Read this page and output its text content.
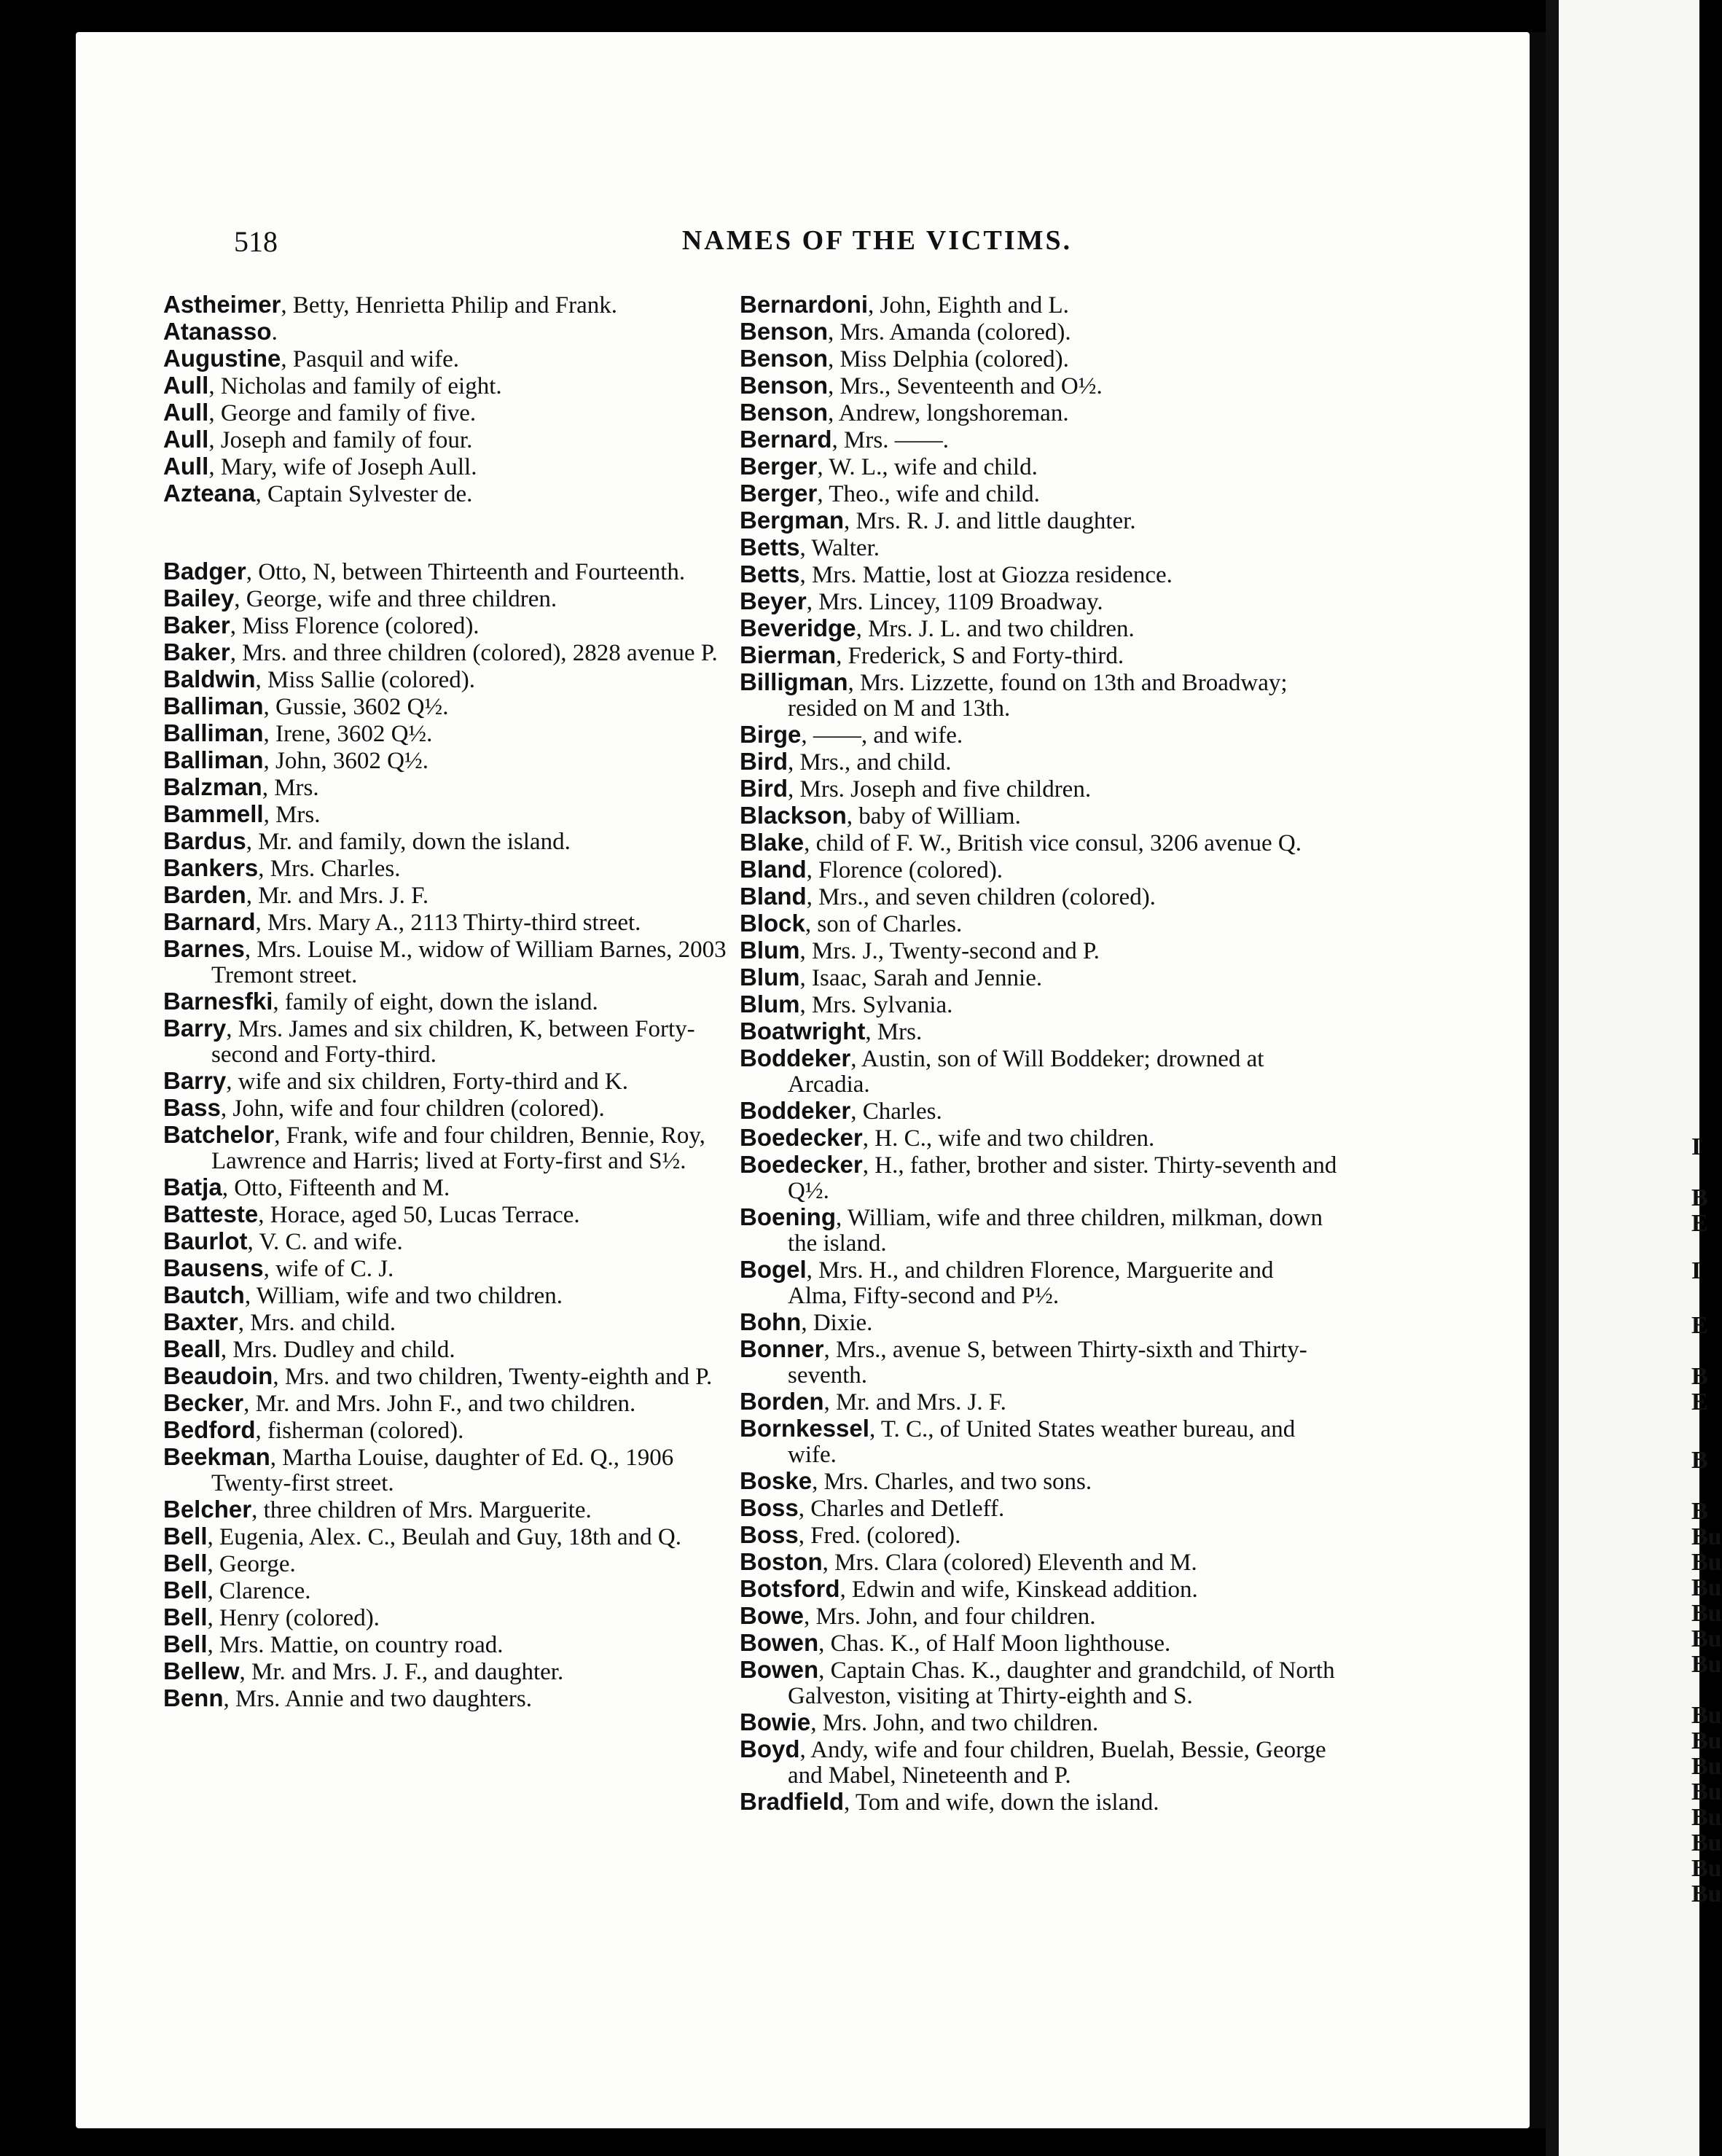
I
B
E
I
E
B
E
B
B
Bu
Bu
Bu
Bu
Bu
Bu
Bu
Bu
Bu
Bu
Bu
Bu
Bu
Bu
518	NAMES OF THE VICTIMS.

Astheimer, Betty, Henrietta Philip and Frank.

Atanasso.

Augustine, Pasquil and wife.

Aull, Nicholas and family of eight.

Aull, George and family of five.

Aull, Joseph and family of four.

Aull, Mary, wife of Joseph Aull.

Azteana, Captain Sylvester de.

Badger, Otto, N, between Thirteenth and Fourteenth.

Bailey, George, wife and three children.

Baker, Miss Florence (colored).

Baker, Mrs. and three children (colored), 2828 avenue P.

Baldwin, Miss Sallie (colored).

Balliman, Gussie, 3602 Q½.

Balliman, Irene, 3602 Q½.

Balliman, John, 3602 Q½.

Balzman, Mrs.

Bammell, Mrs.

Bardus, Mr. and family, down the island.

Bankers, Mrs. Charles.

Barden, Mr. and Mrs. J. F.

Barnard, Mrs. Mary A., 2113 Thirty-third street.

Barnes, Mrs. Louise M., widow of William Barnes, 2003 Tremont street.

Barnesfki, family of eight, down the island.

Barry, Mrs. James and six children, K, between Forty-second and Forty-third.

Barry, wife and six children, Forty-third and K.

Bass, John, wife and four children (colored).

Batchelor, Frank, wife and four children, Bennie, Roy, Lawrence and Harris; lived at Forty-first and S½.

Batja, Otto, Fifteenth and M.

Batteste, Horace, aged 50, Lucas Terrace.

Baurlot, V. C. and wife.

Bausens, wife of C. J.

Bautch, William, wife and two children.

Baxter, Mrs. and child.

Beall, Mrs. Dudley and child.

Beaudoin, Mrs. and two children, Twenty-eighth and P.

Becker, Mr. and Mrs. John F., and two children.

Bedford, fisherman (colored).

Beekman, Martha Louise, daughter of Ed. Q., 1906 Twenty-first street.

Belcher, three children of Mrs. Marguerite.

Bell, Eugenia, Alex. C., Beulah and Guy, 18th and Q.

Bell, George.

Bell, Clarence.

Bell, Henry (colored).

Bell, Mrs. Mattie, on country road.

Bellew, Mr. and Mrs. J. F., and daughter.

Benn, Mrs. Annie and two daughters.

Bernardoni, John, Eighth and L.

Benson, Mrs. Amanda (colored).

Benson, Miss Delphia (colored).

Benson, Mrs., Seventeenth and O½.

Benson, Andrew, longshoreman.

Bernard, Mrs. ——.

Berger, W. L., wife and child.

Berger, Theo., wife and child.

Bergman, Mrs. R. J. and little daughter.

Betts, Walter.

Betts, Mrs. Mattie, lost at Giozza residence.

Beyer, Mrs. Lincey, 1109 Broadway.

Beveridge, Mrs. J. L. and two children.

Bierman, Frederick, S and Forty-third.

Billigman, Mrs. Lizzette, found on 13th and Broadway; resided on M and 13th.

Birge, ——, and wife.

Bird, Mrs., and child.

Bird, Mrs. Joseph and five children.

Blackson, baby of William.

Blake, child of F. W., British vice consul, 3206 avenue Q.

Bland, Florence (colored).

Bland, Mrs., and seven children (colored).

Block, son of Charles.

Blum, Mrs. J., Twenty-second and P.

Blum, Isaac, Sarah and Jennie.

Blum, Mrs. Sylvania.

Boatwright, Mrs.

Boddeker, Austin, son of Will Boddeker; drowned at Arcadia.

Boddeker, Charles.

Boedecker, H. C., wife and two children.

Boedecker, H., father, brother and sister. Thirty-seventh and Q½.

Boening, William, wife and three children, milkman, down the island.

Bogel, Mrs. H., and children Florence, Marguerite and Alma, Fifty-second and P½.

Bohn, Dixie.

Bonner, Mrs., avenue S, between Thirty-sixth and Thirty-seventh.

Borden, Mr. and Mrs. J. F.

Bornkessel, T. C., of United States weather bureau, and wife.

Boske, Mrs. Charles, and two sons.

Boss, Charles and Detleff.

Boss, Fred. (colored).

Boston, Mrs. Clara (colored) Eleventh and M.

Botsford, Edwin and wife, Kinskead addition.

Bowe, Mrs. John, and four children.

Bowen, Chas. K., of Half Moon lighthouse.

Bowen, Captain Chas. K., daughter and grandchild, of North Galveston, visiting at Thirty-eighth and S.

Bowie, Mrs. John, and two children.

Boyd, Andy, wife and four children, Buelah, Bessie, George and Mabel, Nineteenth and P.

Bradfield, Tom and wife, down the island.
